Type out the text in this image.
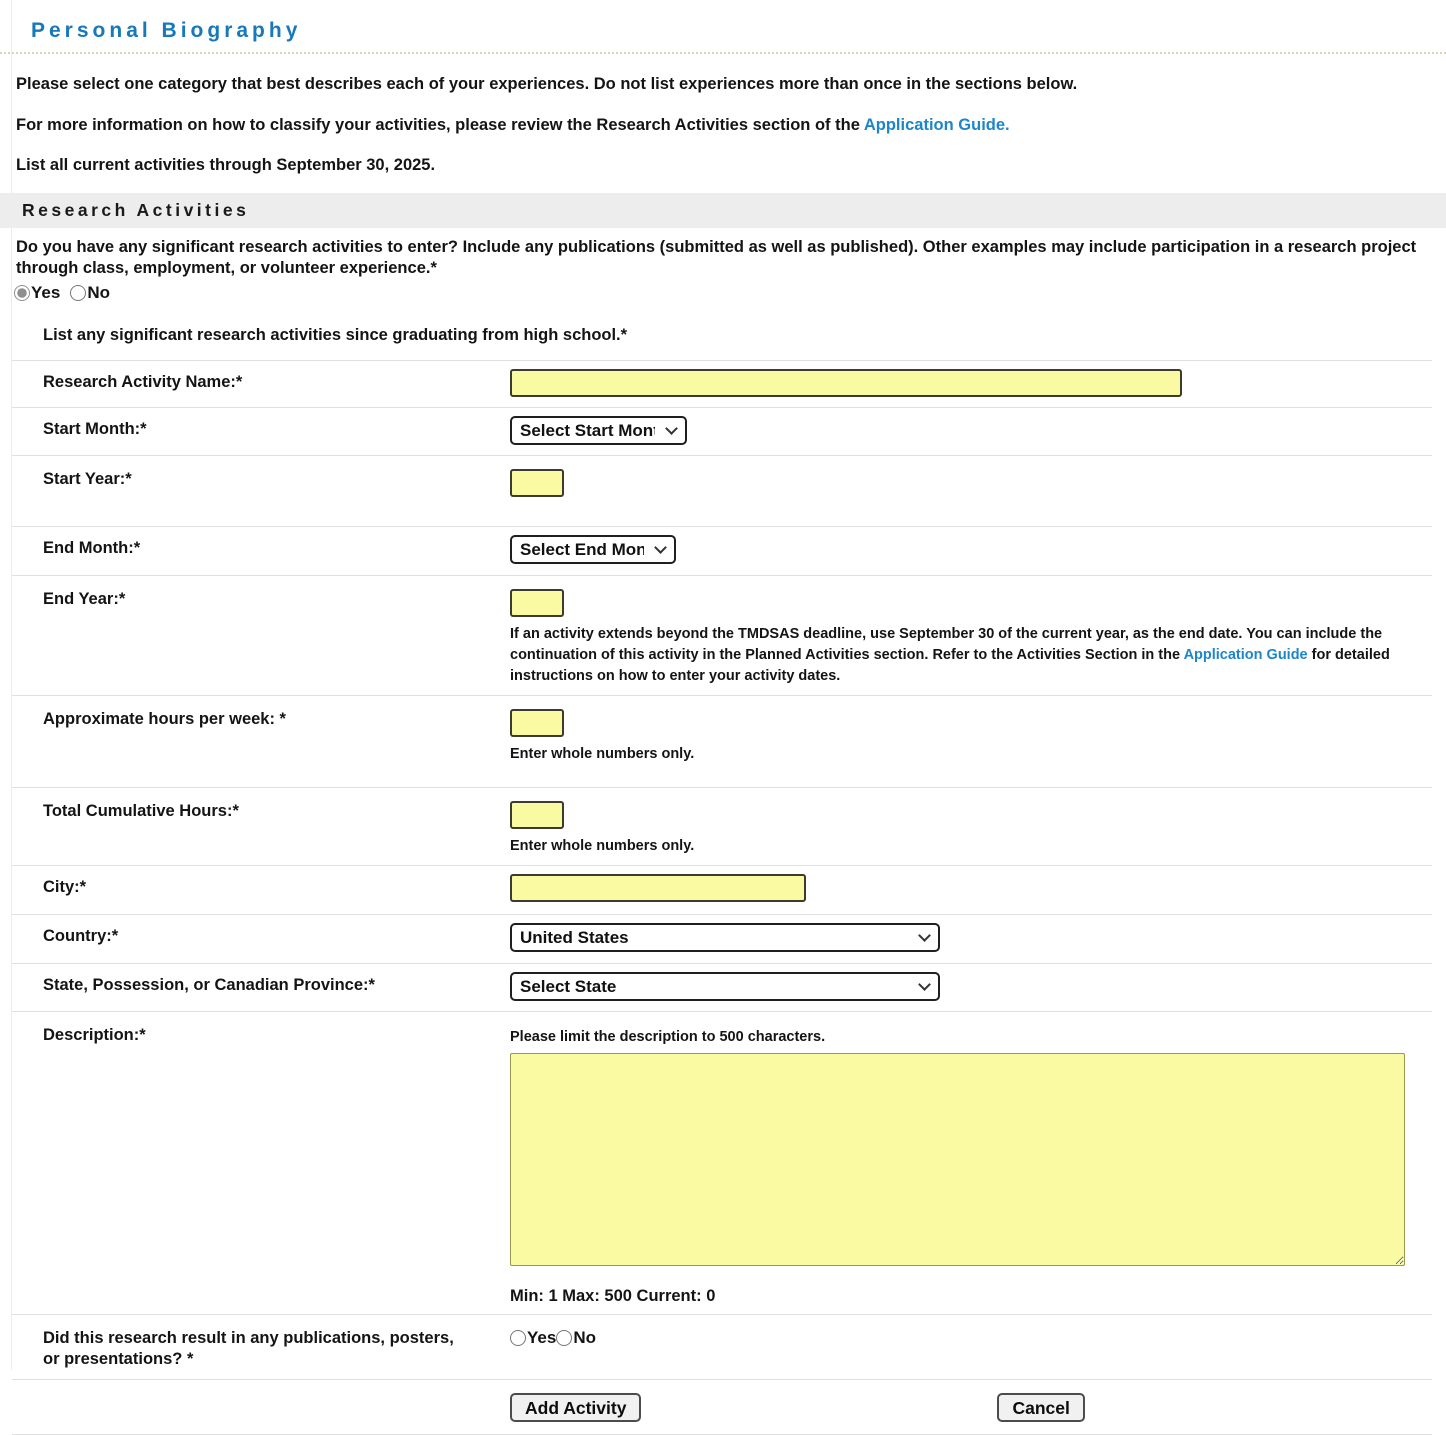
Personal Biography

Please select one category that best describes each of your experiences. Do not list experiences more than once in the sections below.

For more information on how to classify your activities, please review the Research Activities section of the Application Guide.

List all current activities through September 30, 2025.

Research Activities

Do you have any significant research activities to enter? Include any publications (submitted as well as published). Other examples may include participation in a research project through class, employment, or volunteer experience.*

Yes No

List any significant research activities since graduating from high school.*

Research Activity Name:*
Start Month:*
Select Start Month
Start Year:*
End Month:*
Select End Month
End Year:*

If an activity extends beyond the TMDSAS deadline, use September 30 of the current year, as the end date. You can include the continuation of this activity in the Planned Activities section. Refer to the Activities Section in the Application Guide for detailed instructions on how to enter your activity dates.

Approximate hours per week: *

Enter whole numbers only.

Total Cumulative Hours:*

Enter whole numbers only.

City:*
Country:*
United States
State, Possession, or Canadian Province:*
Select State
Description:*	Please limit the description to 500 characters.

Min: 1 Max: 500 Current: 0
Did this research result in any publications, posters, or presentations? *
Yes No
Add Activity	Cancel
